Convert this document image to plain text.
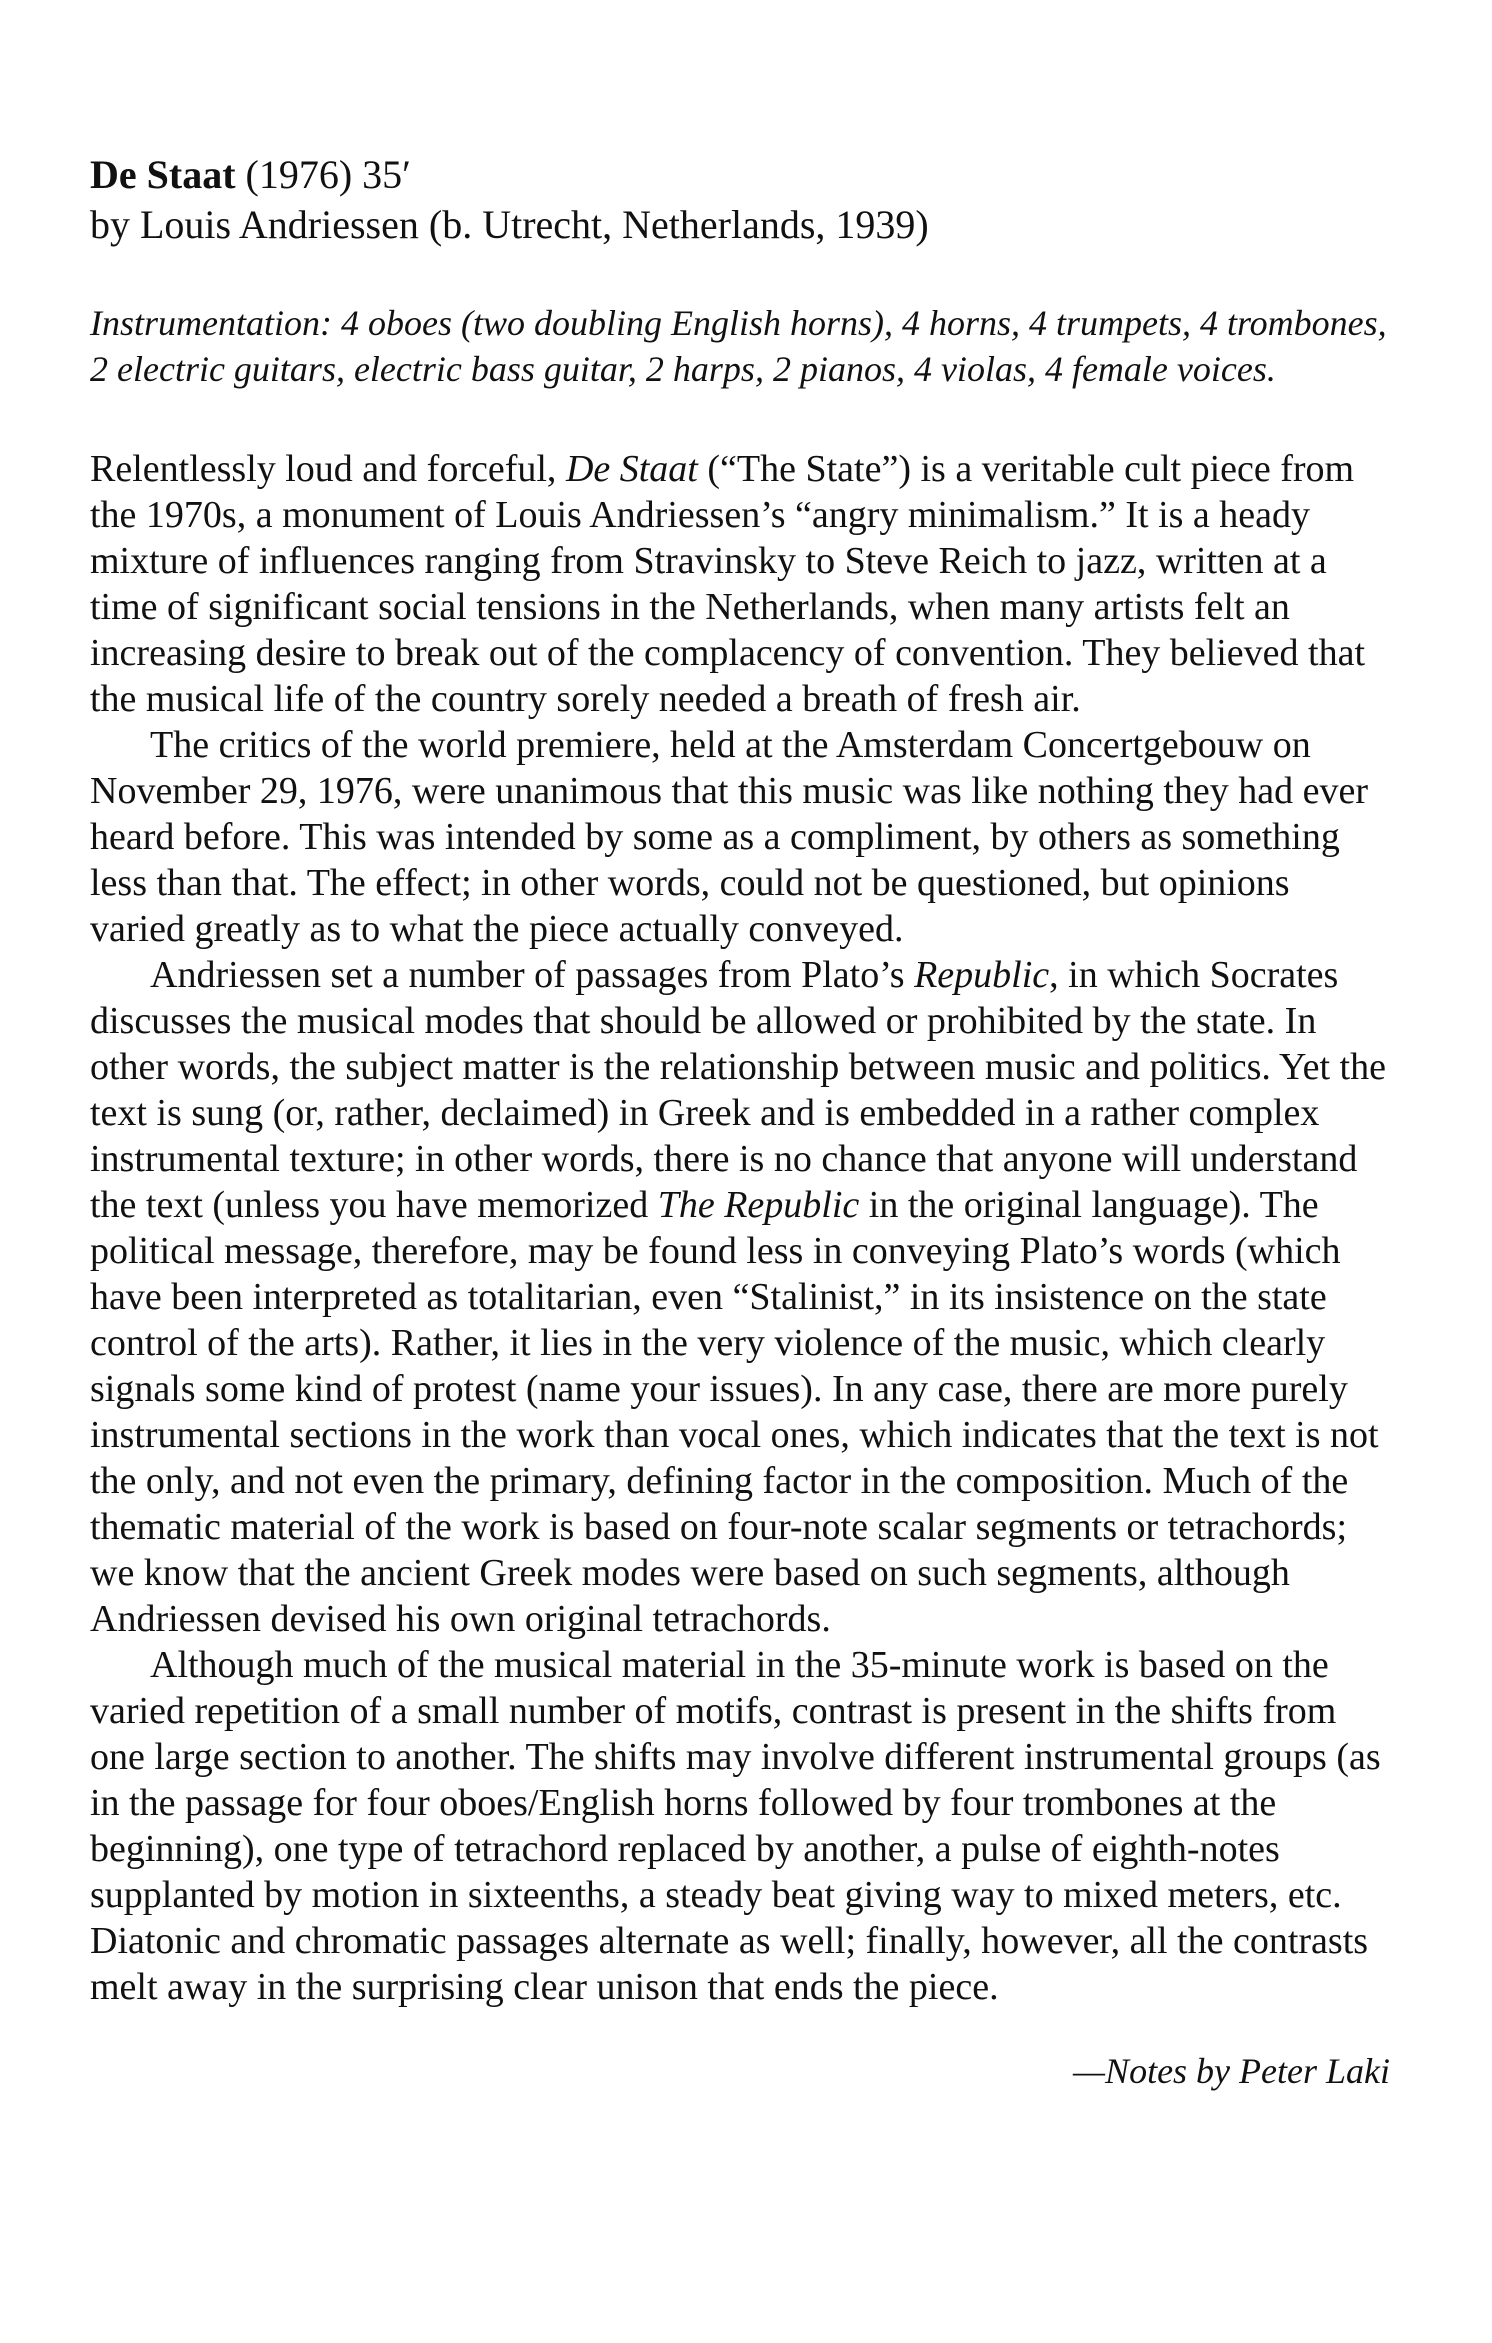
De Staat (1976) 35′

by Louis Andriessen (b. Utrecht, Netherlands, 1939)

Instrumentation: 4 oboes (two doubling English horns), 4 horns, 4 trumpets, 4 trombones, 2 electric guitars, electric bass guitar, 2 harps, 2 pianos, 4 violas, 4 female voices.

Relentlessly loud and forceful, De Staat (“The State”) is a veritable cult piece from the 1970s, a monument of Louis Andriessen’s “angry minimalism.” It is a heady mixture of influences ranging from Stravinsky to Steve Reich to jazz, written at a time of significant social tensions in the Netherlands, when many artists felt an increasing desire to break out of the complacency of convention. They believed that the musical life of the country sorely needed a breath of fresh air.

The critics of the world premiere, held at the Amsterdam Concertgebouw on November 29, 1976, were unanimous that this music was like nothing they had ever heard before. This was intended by some as a compliment, by others as something less than that. The effect; in other words, could not be questioned, but opinions varied greatly as to what the piece actually conveyed.

Andriessen set a number of passages from Plato’s Republic, in which Socrates discusses the musical modes that should be allowed or prohibited by the state. In other words, the subject matter is the relationship between music and politics. Yet the text is sung (or, rather, declaimed) in Greek and is embedded in a rather complex instrumental texture; in other words, there is no chance that anyone will understand the text (unless you have memorized The Republic in the original language). The political message, therefore, may be found less in conveying Plato’s words (which have been interpreted as totalitarian, even “Stalinist,” in its insistence on the state control of the arts). Rather, it lies in the very violence of the music, which clearly signals some kind of protest (name your issues). In any case, there are more purely instrumental sections in the work than vocal ones, which indicates that the text is not the only, and not even the primary, defining factor in the composition. Much of the thematic material of the work is based on four-note scalar segments or tetrachords; we know that the ancient Greek modes were based on such segments, although Andriessen devised his own original tetrachords.

Although much of the musical material in the 35-minute work is based on the varied repetition of a small number of motifs, contrast is present in the shifts from one large section to another. The shifts may involve different instrumental groups (as in the passage for four oboes/English horns followed by four trombones at the beginning), one type of tetrachord replaced by another, a pulse of eighth-notes supplanted by motion in sixteenths, a steady beat giving way to mixed meters, etc. Diatonic and chromatic passages alternate as well; finally, however, all the contrasts melt away in the surprising clear unison that ends the piece.

—Notes by Peter Laki
